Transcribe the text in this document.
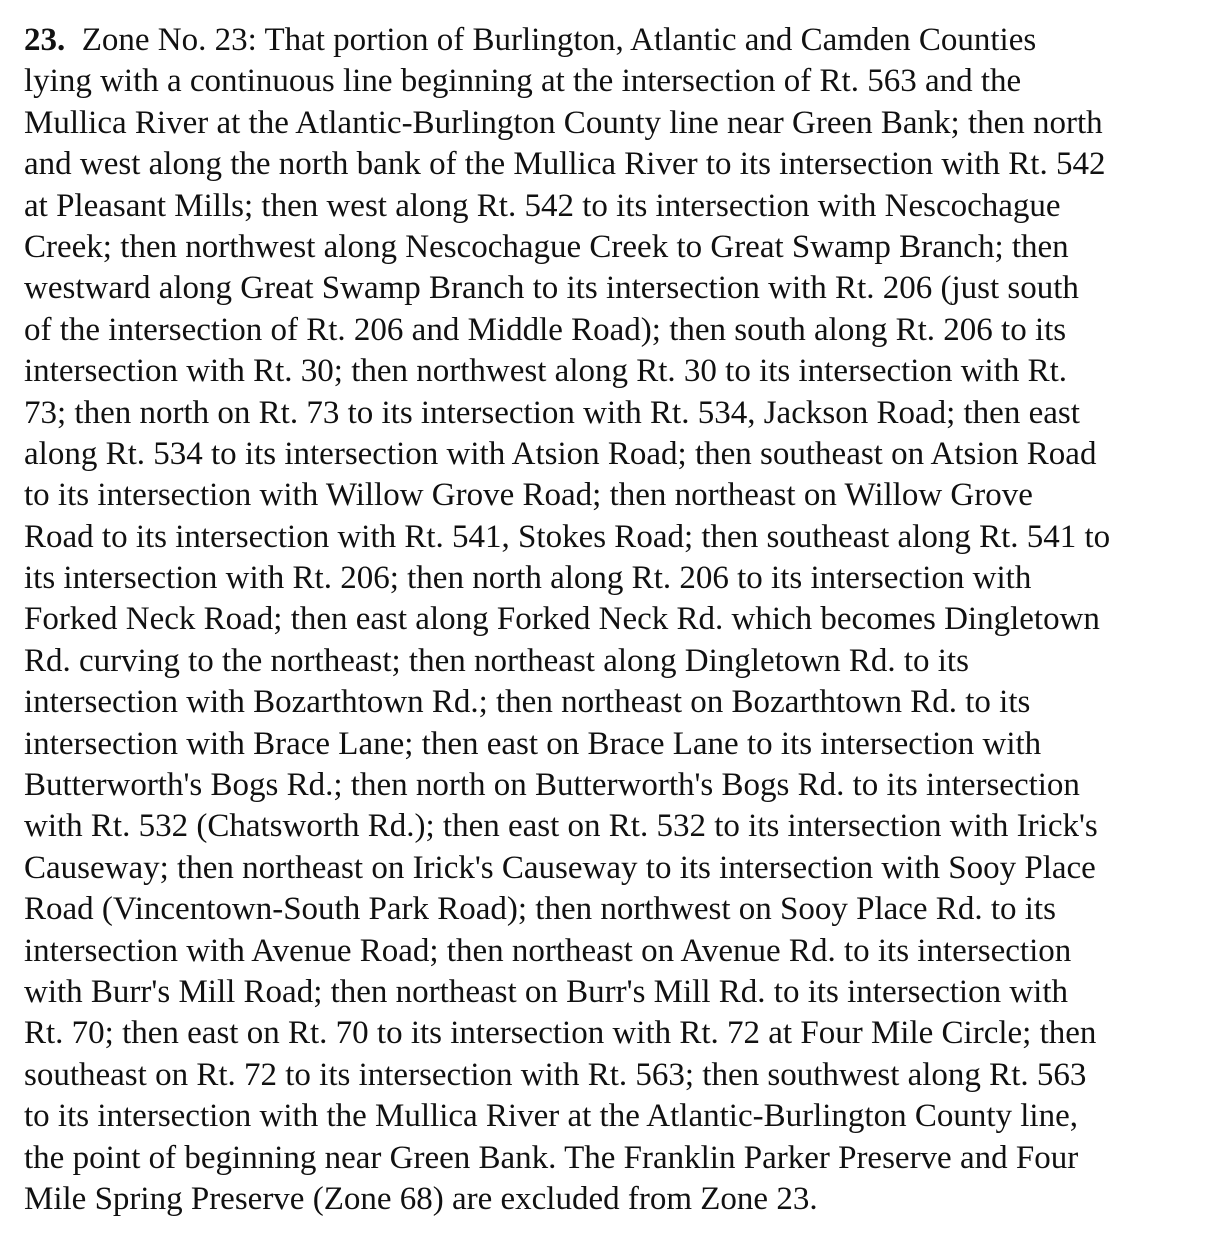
23. Zone No. 23: That portion of Burlington, Atlantic and Camden Counties
lying with a continuous line beginning at the intersection of Rt. 563 and the
Mullica River at the Atlantic-Burlington County line near Green Bank; then north
and west along the north bank of the Mullica River to its intersection with Rt. 542
at Pleasant Mills; then west along Rt. 542 to its intersection with Nescochague
Creek; then northwest along Nescochague Creek to Great Swamp Branch; then
westward along Great Swamp Branch to its intersection with Rt. 206 (just south
of the intersection of Rt. 206 and Middle Road); then south along Rt. 206 to its
intersection with Rt. 30; then northwest along Rt. 30 to its intersection with Rt.
73; then north on Rt. 73 to its intersection with Rt. 534, Jackson Road; then east
along Rt. 534 to its intersection with Atsion Road; then southeast on Atsion Road
to its intersection with Willow Grove Road; then northeast on Willow Grove
Road to its intersection with Rt. 541, Stokes Road; then southeast along Rt. 541 to
its intersection with Rt. 206; then north along Rt. 206 to its intersection with
Forked Neck Road; then east along Forked Neck Rd. which becomes Dingletown
Rd. curving to the northeast; then northeast along Dingletown Rd. to its
intersection with Bozarthtown Rd.; then northeast on Bozarthtown Rd. to its
intersection with Brace Lane; then east on Brace Lane to its intersection with
Butterworth's Bogs Rd.; then north on Butterworth's Bogs Rd. to its intersection
with Rt. 532 (Chatsworth Rd.); then east on Rt. 532 to its intersection with Irick's
Causeway; then northeast on Irick's Causeway to its intersection with Sooy Place
Road (Vincentown-South Park Road); then northwest on Sooy Place Rd. to its
intersection with Avenue Road; then northeast on Avenue Rd. to its intersection
with Burr's Mill Road; then northeast on Burr's Mill Rd. to its intersection with
Rt. 70; then east on Rt. 70 to its intersection with Rt. 72 at Four Mile Circle; then
southeast on Rt. 72 to its intersection with Rt. 563; then southwest along Rt. 563
to its intersection with the Mullica River at the Atlantic-Burlington County line,
the point of beginning near Green Bank. The Franklin Parker Preserve and Four
Mile Spring Preserve (Zone 68) are excluded from Zone 23.
